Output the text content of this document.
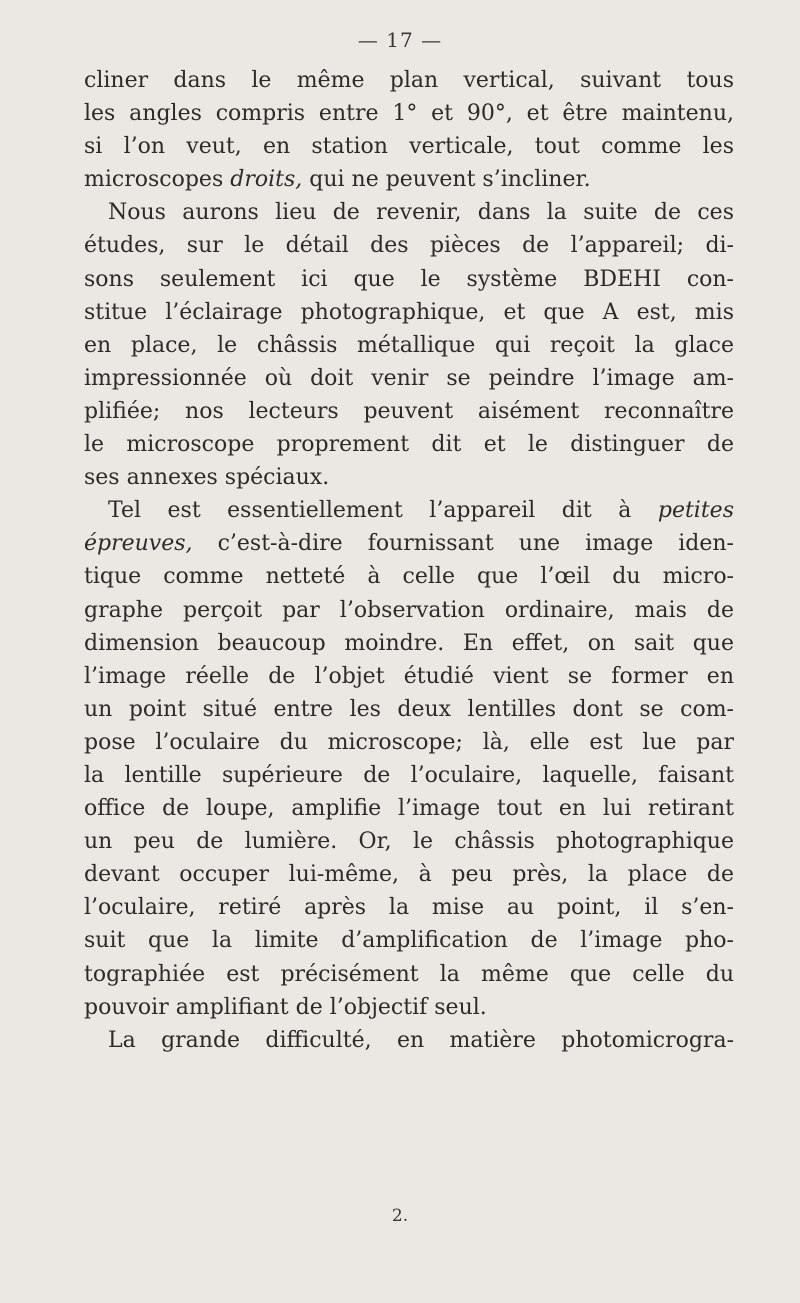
— 17 —
cliner dans le même plan vertical, suivant tous
les angles compris entre 1° et 90°, et être maintenu,
si l’on veut, en station verticale, tout comme les
microscopes droits, qui ne peuvent s’incliner.
Nous aurons lieu de revenir, dans la suite de ces
études, sur le détail des pièces de l’appareil; di-
sons seulement ici que le système BDEHI con-
stitue l’éclairage photographique, et que A est, mis
en place, le châssis métallique qui reçoit la glace
impressionnée où doit venir se peindre l’image am-
plifiée; nos lecteurs peuvent aisément reconnaître
le microscope proprement dit et le distinguer de
ses annexes spéciaux.
Tel est essentiellement l’appareil dit à petites
épreuves, c’est-à-dire fournissant une image iden-
tique comme netteté à celle que l’œil du micro-
graphe perçoit par l’observation ordinaire, mais de
dimension beaucoup moindre. En effet, on sait que
l’image réelle de l’objet étudié vient se former en
un point situé entre les deux lentilles dont se com-
pose l’oculaire du microscope; là, elle est lue par
la lentille supérieure de l’oculaire, laquelle, faisant
office de loupe, amplifie l’image tout en lui retirant
un peu de lumière. Or, le châssis photographique
devant occuper lui-même, à peu près, la place de
l’oculaire, retiré après la mise au point, il s’en-
suit que la limite d’amplification de l’image pho-
tographiée est précisément la même que celle du
pouvoir amplifiant de l’objectif seul.
La grande difficulté, en matière photomicrogra-
2.
